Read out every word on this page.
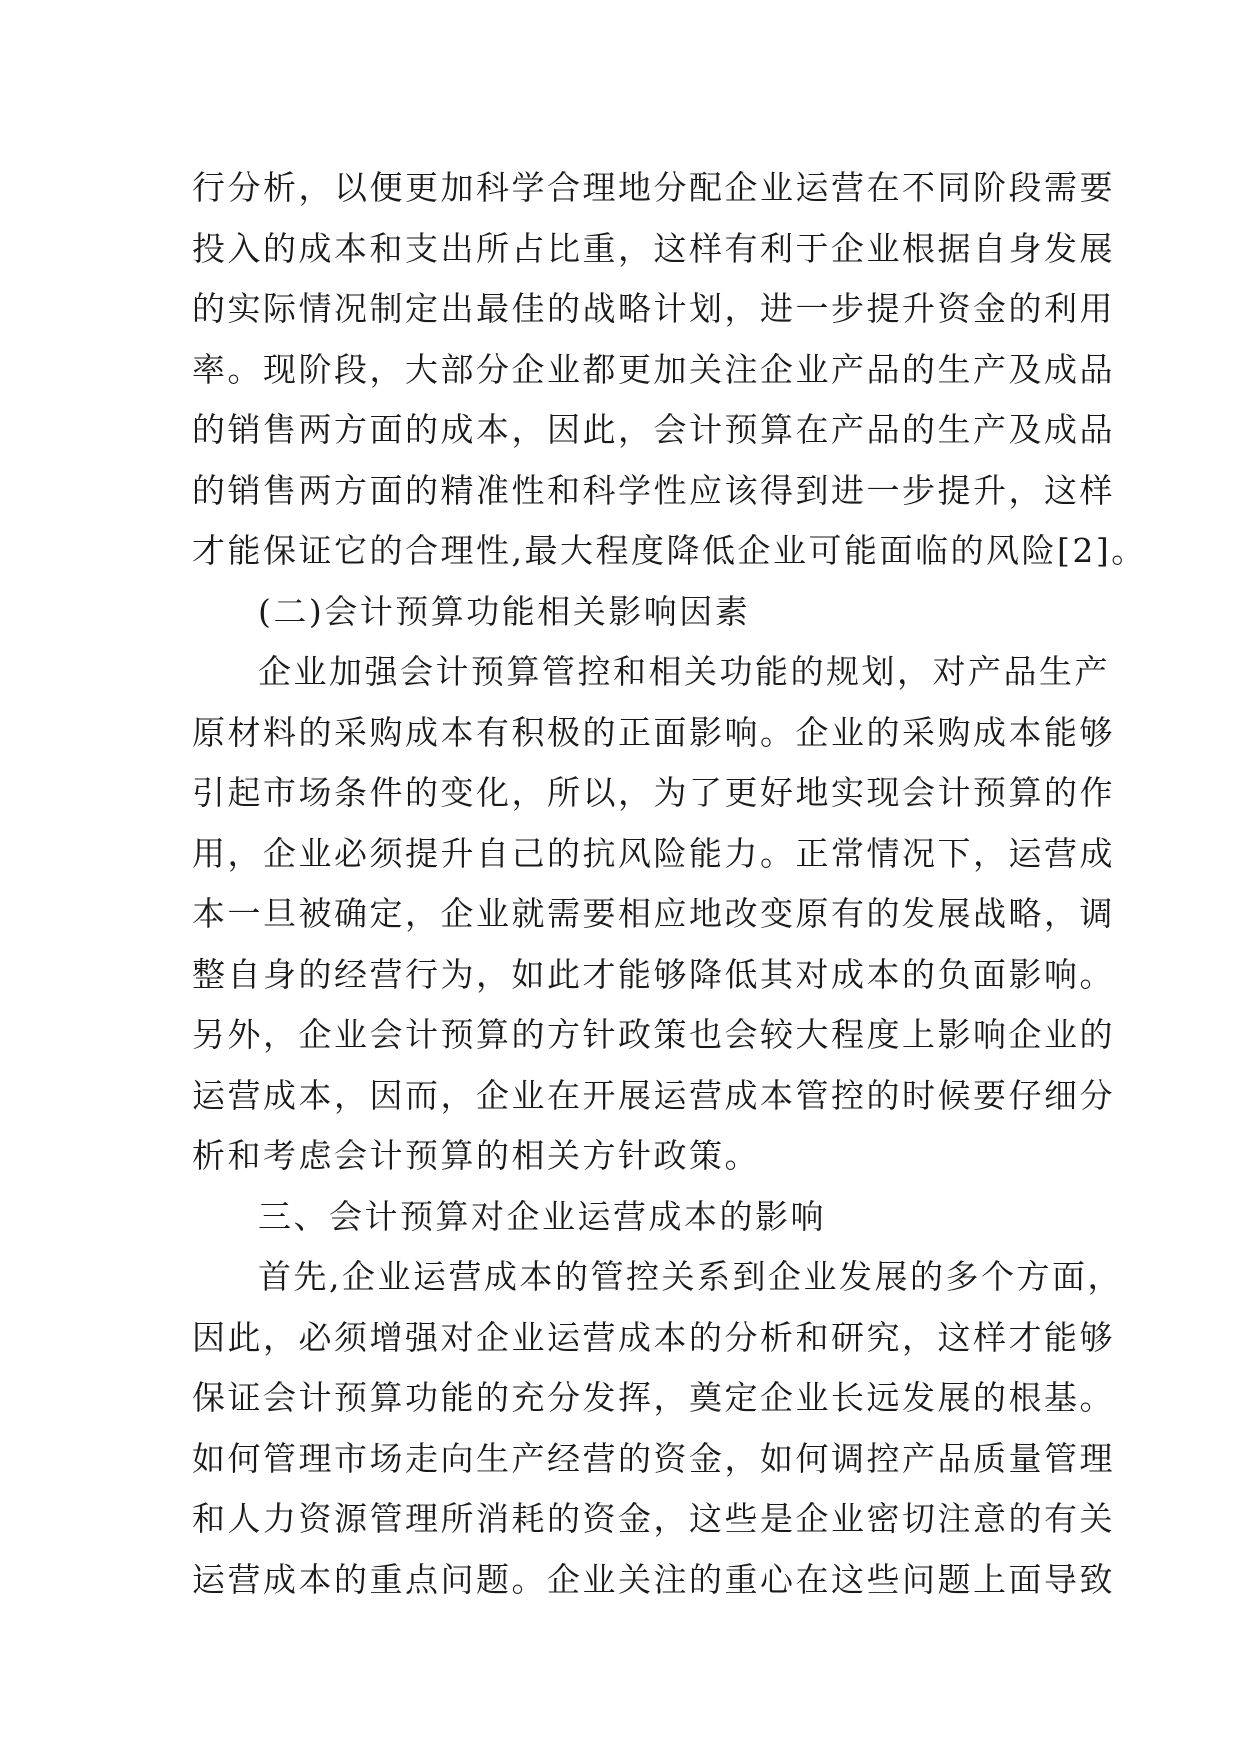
行分析，以便更加科学合理地分配企业运营在不同阶段需要
投入的成本和支出所占比重，这样有利于企业根据自身发展
的实际情况制定出最佳的战略计划，进一步提升资金的利用
率。现阶段，大部分企业都更加关注企业产品的生产及成品
的销售两方面的成本，因此，会计预算在产品的生产及成品
的销售两方面的精准性和科学性应该得到进一步提升，这样
才能保证它的合理性,最大程度降低企业可能面临的风险[2]。
(二)会计预算功能相关影响因素
企业加强会计预算管控和相关功能的规划，对产品生产
原材料的采购成本有积极的正面影响。企业的采购成本能够
引起市场条件的变化，所以，为了更好地实现会计预算的作
用，企业必须提升自己的抗风险能力。正常情况下，运营成
本一旦被确定，企业就需要相应地改变原有的发展战略，调
整自身的经营行为，如此才能够降低其对成本的负面影响。
另外，企业会计预算的方针政策也会较大程度上影响企业的
运营成本，因而，企业在开展运营成本管控的时候要仔细分
析和考虑会计预算的相关方针政策。
三、会计预算对企业运营成本的影响
首先,企业运营成本的管控关系到企业发展的多个方面，
因此，必须增强对企业运营成本的分析和研究，这样才能够
保证会计预算功能的充分发挥，奠定企业长远发展的根基。
如何管理市场走向生产经营的资金，如何调控产品质量管理
和人力资源管理所消耗的资金，这些是企业密切注意的有关
运营成本的重点问题。企业关注的重心在这些问题上面导致
